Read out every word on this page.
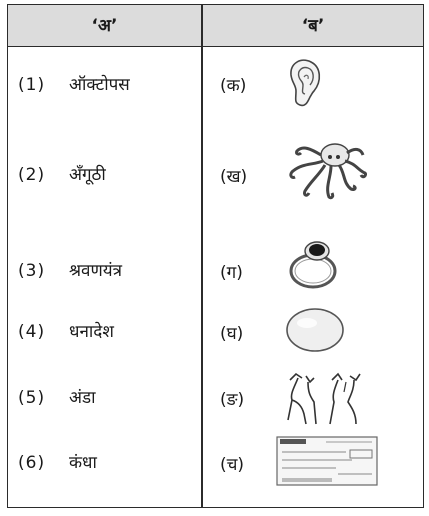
‘अ’	‘ब’
(1) ऑक्टोपस	(क)
(2) अँगूठी	(ख)
(3) श्रवणयंत्र	(ग)
(4) धनादेश	(घ)
(5) अंडा	(ङ)
(6) कंधा	(च)
